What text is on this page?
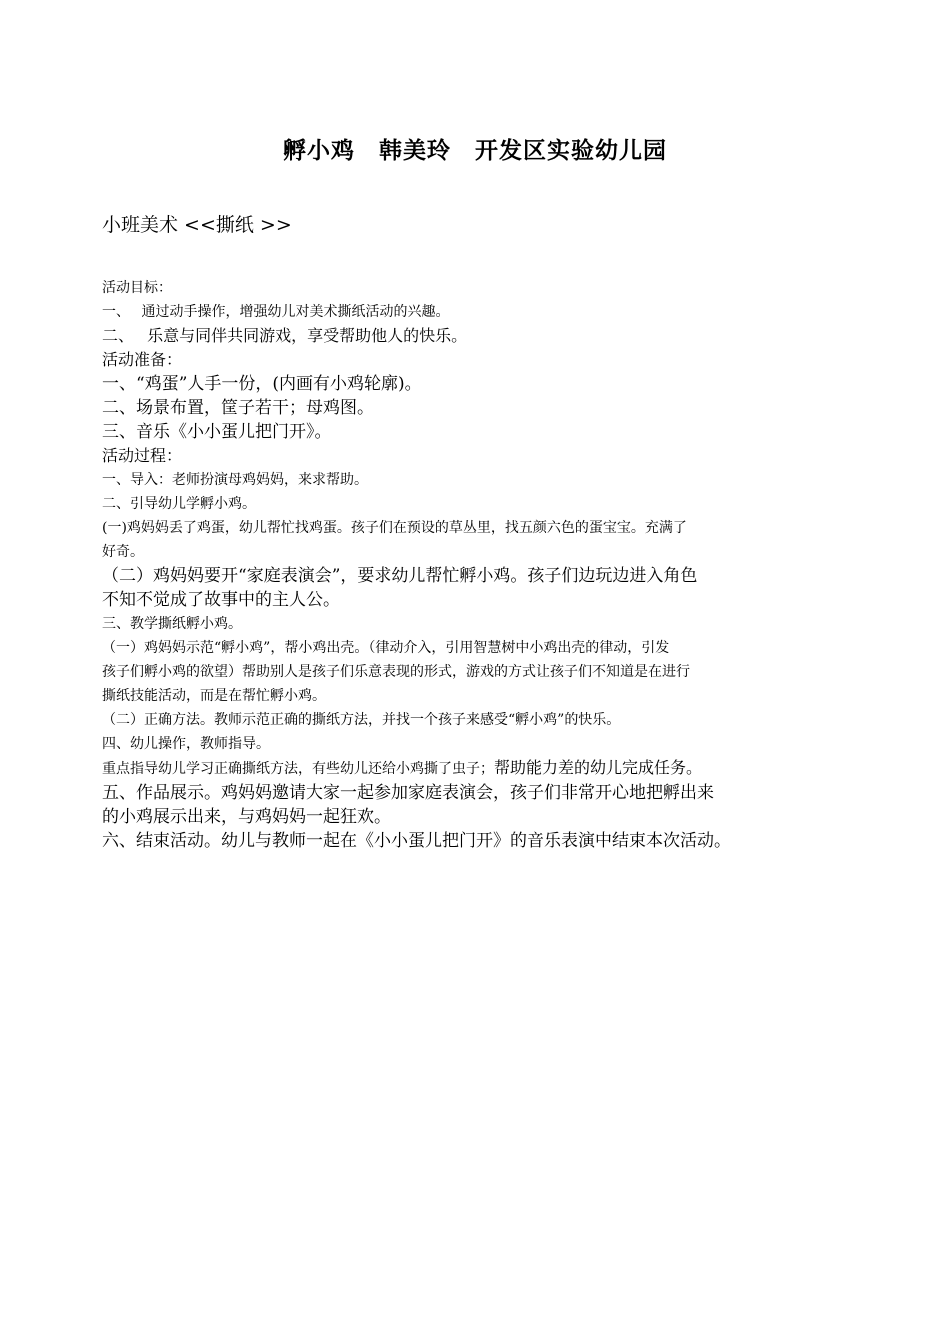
孵小鸡　韩美玲　开发区实验幼儿园
小班美术 <<撕纸 >>

活动目标：

一、　 通过动手操作，增强幼儿对美术撕纸活动的兴趣。

二、　 乐意与同伴共同游戏，享受帮助他人的快乐。

活动准备：

一、“鸡蛋”人手一份，(内画有小鸡轮廓)。

二、场景布置，筐子若干；母鸡图。

三、音乐《小小蛋儿把门开》。

活动过程：

一、导入：老师扮演母鸡妈妈，来求帮助。

二、引导幼儿学孵小鸡。

(一)鸡妈妈丢了鸡蛋，幼儿帮忙找鸡蛋。孩子们在预设的草丛里，找五颜六色的蛋宝宝。充满了

好奇。

（二）鸡妈妈要开“家庭表演会”，要求幼儿帮忙孵小鸡。孩子们边玩边进入角色

不知不觉成了故事中的主人公。

三、教学撕纸孵小鸡。

（一）鸡妈妈示范“孵小鸡”，帮小鸡出壳。（律动介入，引用智慧树中小鸡出壳的律动，引发

孩子们孵小鸡的欲望）帮助别人是孩子们乐意表现的形式，游戏的方式让孩子们不知道是在进行

撕纸技能活动，而是在帮忙孵小鸡。

（二）正确方法。教师示范正确的撕纸方法，并找一个孩子来感受“孵小鸡”的快乐。

四、幼儿操作，教师指导。

重点指导幼儿学习正确撕纸方法，有些幼儿还给小鸡撕了虫子；帮助能力差的幼儿完成任务。

五、作品展示。鸡妈妈邀请大家一起参加家庭表演会，孩子们非常开心地把孵出来

的小鸡展示出来，与鸡妈妈一起狂欢。

六、结束活动。幼儿与教师一起在《小小蛋儿把门开》的音乐表演中结束本次活动。
